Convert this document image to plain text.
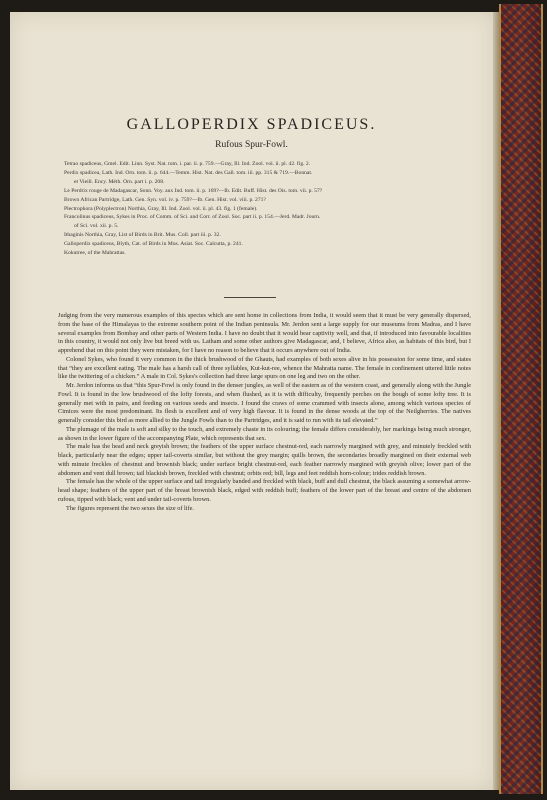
GALLOPERDIX SPADICEUS.
Rufous Spur-Fowl.
Tetrao spadiceus, Gmel. Edit. Linn. Syst. Nat. tom. i. par. ii. p. 759.—Gray, Ill. Ind. Zool. vol. ii. pl. 42. fig. 2.
Perdix spadicea, Lath. Ind. Orn. tom. ii. p. 644.—Temm. Hist. Nat. des Gall. tom. iii. pp. 315 & 719.—Bonnat.
et Vieill. Ency. Méth. Orn. part i. p. 208.
Le Perdrix rouge de Madagascar, Sonn. Voy. aux Ind. tom. ii. p. 169?—Ib. Edit. Buff. Hist. des Ois. tom. vii. p. 57?
Brown African Partridge, Lath. Gen. Syn. vol. iv. p. 759?—Ib. Gen. Hist. vol. viii. p. 271?
Plectrophora (Polyplectron) Northia, Gray, Ill. Ind. Zool. vol. ii. pl. 43. fig. 1 (female).
Francolinus spadiceus, Sykes in Proc. of Comm. of Sci. and Corr. of Zool. Soc. part ii. p. 154.—Jerd. Madr. Journ.
of Sci. vol. xii. p. 5.
Ithaginis Northia, Gray, List of Birds in Brit. Mus. Coll. part iii. p. 32.
Galloperdix spadiceus, Blyth, Cat. of Birds in Mus. Asiat. Soc. Calcutta, p. 241.
Kokutree, of the Mahrattas.

Judging from the very numerous examples of this species which are sent home in collections from India, it would seem that it must be very generally dispersed, from the base of the Himalayas to the extreme southern point of the Indian peninsula. Mr. Jerdon sent a large supply for our museums from Madras, and I have several examples from Bombay and other parts of Western India. I have no doubt that it would bear captivity well, and that, if introduced into favourable localities in this country, it would not only live but breed with us. Latham and some other authors give Madagascar, and, I believe, Africa also, as habitats of this bird, but I apprehend that on this point they were mistaken, for I have no reason to believe that it occurs anywhere out of India.

Colonel Sykes, who found it very common in the thick brushwood of the Ghauts, had examples of both sexes alive in his possession for some time, and states that “they are excellent eating. The male has a harsh call of three syllables, Kut-kut-ree, whence the Mahratta name. The female in confinement uttered little notes like the twittering of a chicken.” A male in Col. Sykes's collection had three large spurs on one leg and two on the other.

Mr. Jerdon informs us that “this Spur-Fowl is only found in the denser jungles, as well of the eastern as of the western coast, and generally along with the Jungle Fowl. It is found in the low brushwood of the lofty forests, and when flushed, as it is with difficulty, frequently perches on the bough of some lofty tree. It is generally met with in pairs, and feeding on various seeds and insects. I found the craws of some crammed with insects alone, among which various species of Cimices were the most predominant. Its flesh is excellent and of very high flavour. It is found in the dense woods at the top of the Neilgherries. The natives generally consider this bird as more allied to the Jungle Fowls than to the Partridges, and it is said to run with its tail elevated.”

The plumage of the male is soft and silky to the touch, and extremely chaste in its colouring; the female differs considerably, her markings being much stronger, as shown in the lower figure of the accompanying Plate, which represents that sex.

The male has the head and neck greyish brown; the feathers of the upper surface chestnut-red, each narrowly margined with grey, and minutely freckled with black, particularly near the edges; upper tail-coverts similar, but without the grey margin; quills brown, the secondaries broadly margined on their external web with minute freckles of chestnut and brownish black; under surface bright chestnut-red, each feather narrowly margined with greyish olive; lower part of the abdomen and vent dull brown; tail blackish brown, freckled with chestnut; orbits red; bill, legs and feet reddish horn-colour; irides reddish brown.

The female has the whole of the upper surface and tail irregularly banded and freckled with black, buff and dull chestnut, the black assuming a somewhat arrow-head shape; feathers of the upper part of the breast brownish black, edged with reddish buff; feathers of the lower part of the breast and centre of the abdomen rufous, tipped with black; vent and under tail-coverts brown.

The figures represent the two sexes the size of life.
